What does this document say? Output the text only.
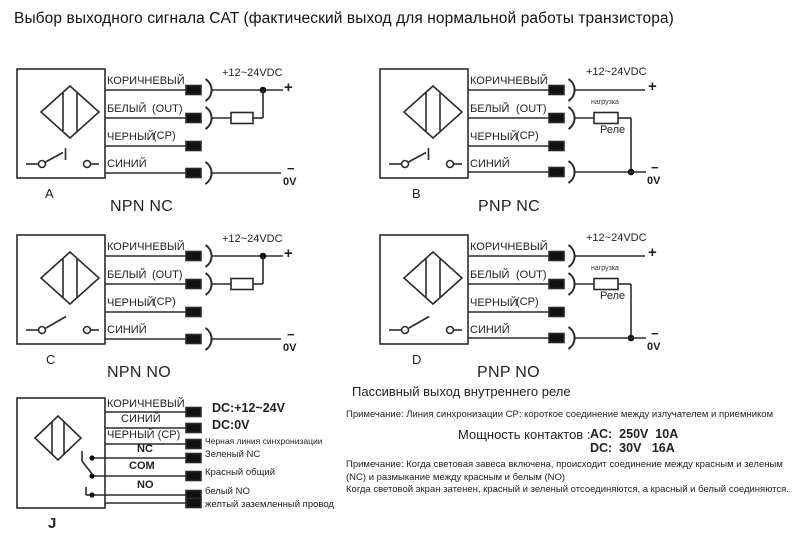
Выбор выходного сигнала CAT (фактический выход для нормальной работы транзистора)
КОРИЧНЕВЫЙ
БЕЛЫЙ (OUT)
ЧЕРНЫЙ
(CP)
СИНИЙ
+12~24VDC
+
−
0V
A
NPN NC
КОРИЧНЕВЫЙ
БЕЛЫЙ (OUT)
ЧЕРНЫЙ
(CP)
СИНИЙ
+12~24VDC
+
нагрузка
Реле
−
0V
B
PNP NC
КОРИЧНЕВЫЙ
БЕЛЫЙ (OUT)
ЧЕРНЫЙ
(CP)
СИНИЙ
+12~24VDC
+
−
0V
C
NPN NO
КОРИЧНЕВЫЙ
БЕЛЫЙ (OUT)
ЧЕРНЫЙ
(CP)
СИНИЙ
+12~24VDC
+
нагрузка
Реле
−
0V
D
PNP NO
КОРИЧНЕВЫЙ
СИНИЙ
ЧЕРНЫЙ (CP)
NC
COM
NO
DC:+12~24V
DC:0V
Черная линия синхронизации
Зеленый NC
Красный общий
белый NO
желтый заземленный провод
J
Пассивный выход внутреннего реле
Примечание: Линия синхронизации CP: короткое соединение между излучателем и приемником
Мощность контактов : AC:  250V  10A
DC:  30V   16A
Примечание: Когда световая завеса включена, происходит соединение между красным и зеленым
(NC) и размыкание между красным и белым (NO)
Когда световой экран затенен, красный и зеленый отсоединяются, а красный и белый соединяются.
